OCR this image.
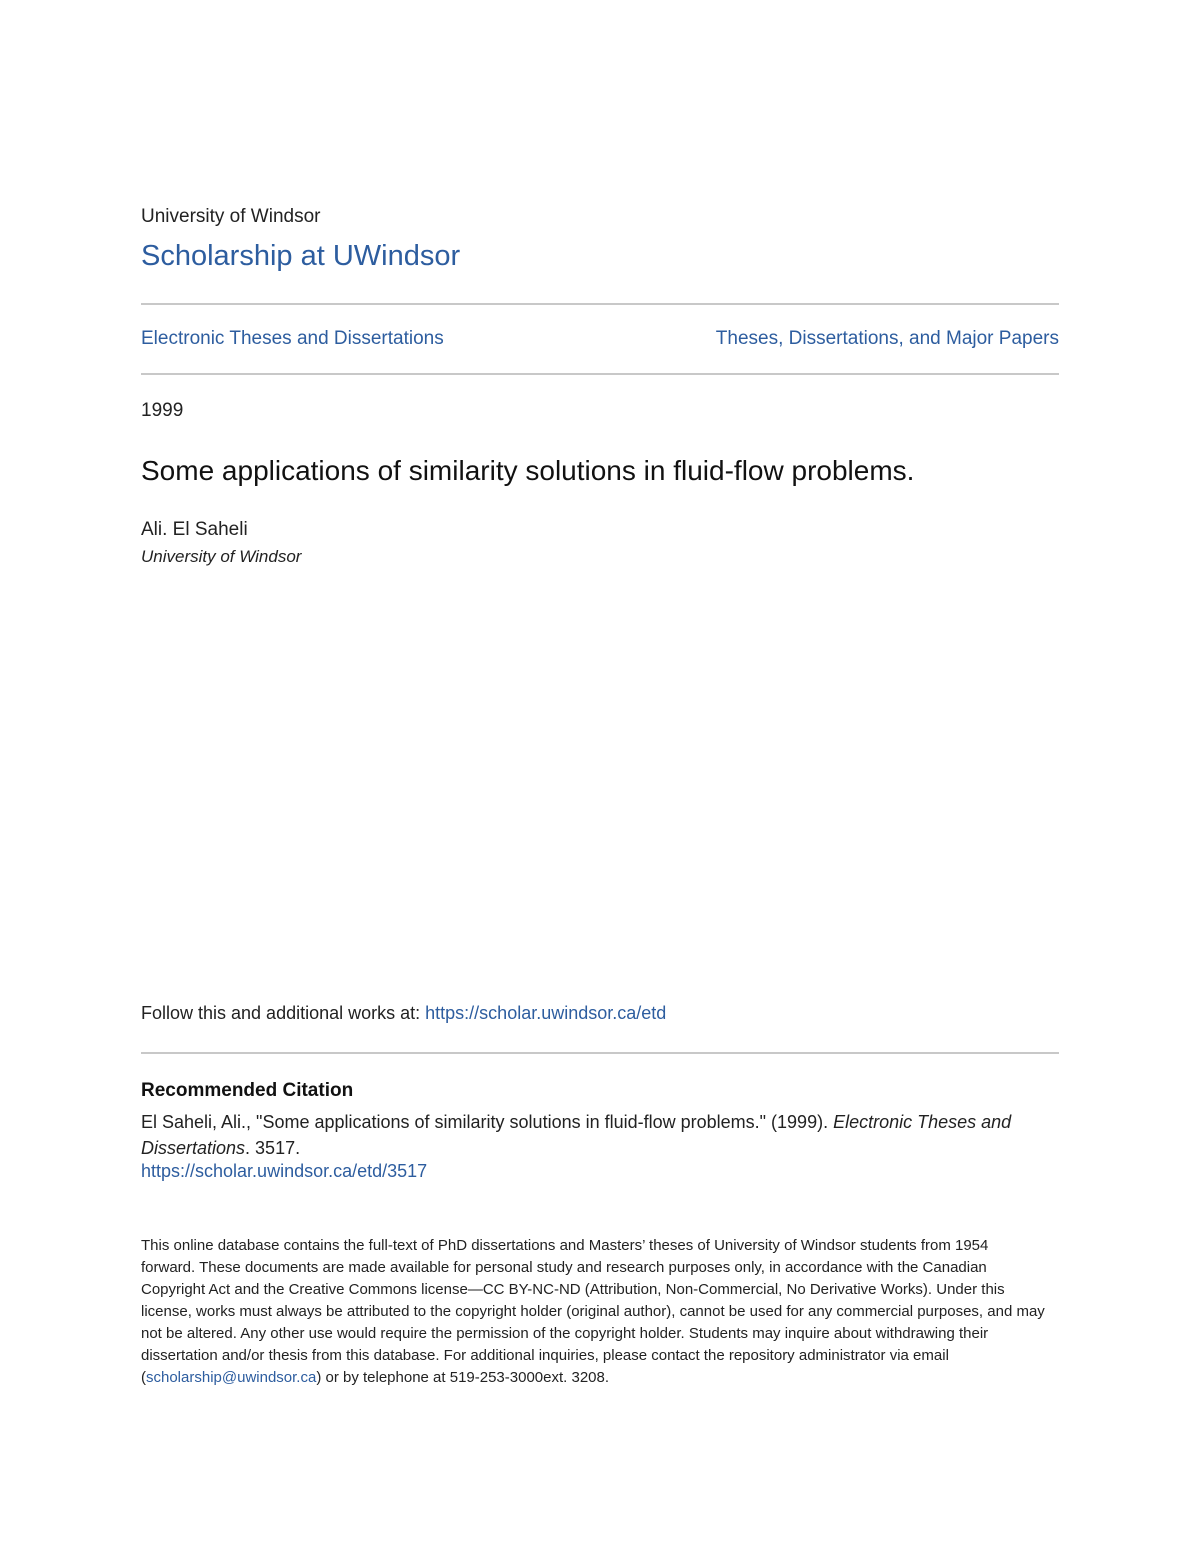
University of Windsor
Scholarship at UWindsor
Electronic Theses and Dissertations	Theses, Dissertations, and Major Papers
1999
Some applications of similarity solutions in fluid-flow problems.
Ali. El Saheli
University of Windsor
Follow this and additional works at: https://scholar.uwindsor.ca/etd
Recommended Citation
El Saheli, Ali., "Some applications of similarity solutions in fluid-flow problems." (1999). Electronic Theses and Dissertations. 3517.
https://scholar.uwindsor.ca/etd/3517
This online database contains the full-text of PhD dissertations and Masters’ theses of University of Windsor students from 1954 forward. These documents are made available for personal study and research purposes only, in accordance with the Canadian Copyright Act and the Creative Commons license—CC BY-NC-ND (Attribution, Non-Commercial, No Derivative Works). Under this license, works must always be attributed to the copyright holder (original author), cannot be used for any commercial purposes, and may not be altered. Any other use would require the permission of the copyright holder. Students may inquire about withdrawing their dissertation and/or thesis from this database. For additional inquiries, please contact the repository administrator via email (scholarship@uwindsor.ca) or by telephone at 519-253-3000ext. 3208.
